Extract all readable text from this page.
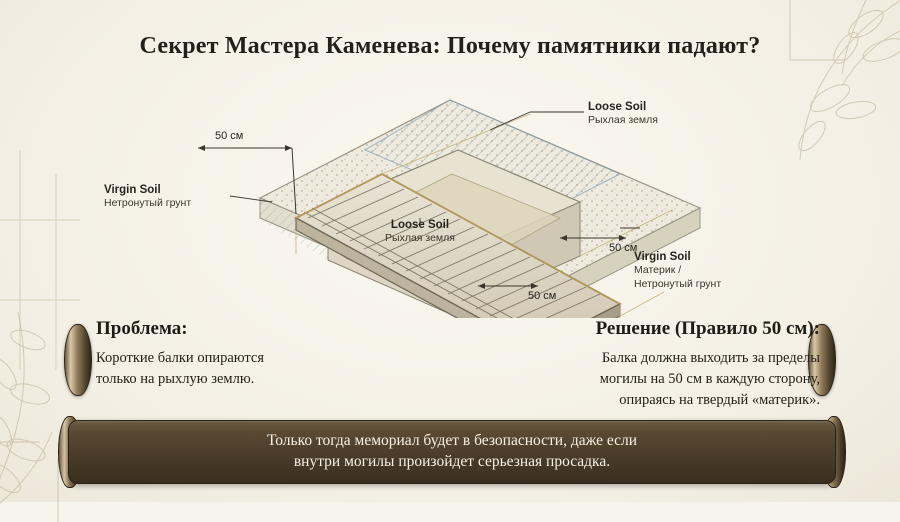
Секрет Мастера Каменева: Почему памятники падают?
Loose Soil
Рыхлая земля
Virgin Soil
Нетронутый грунт
Loose Soil
Рыхлая земля
Virgin Soil
Материк /
Нетронутый грунт
50 см
50 см
50 см
Проблема:
Короткие балки опираются
только на рыхлую землю.
Решение (Правило 50 см):
Балка должна выходить за пределы
могилы на 50 см в каждую сторону,
опираясь на твердый «материк».
Только тогда мемориал будет в безопасности, даже если
внутри могилы произойдет серьезная просадка.
